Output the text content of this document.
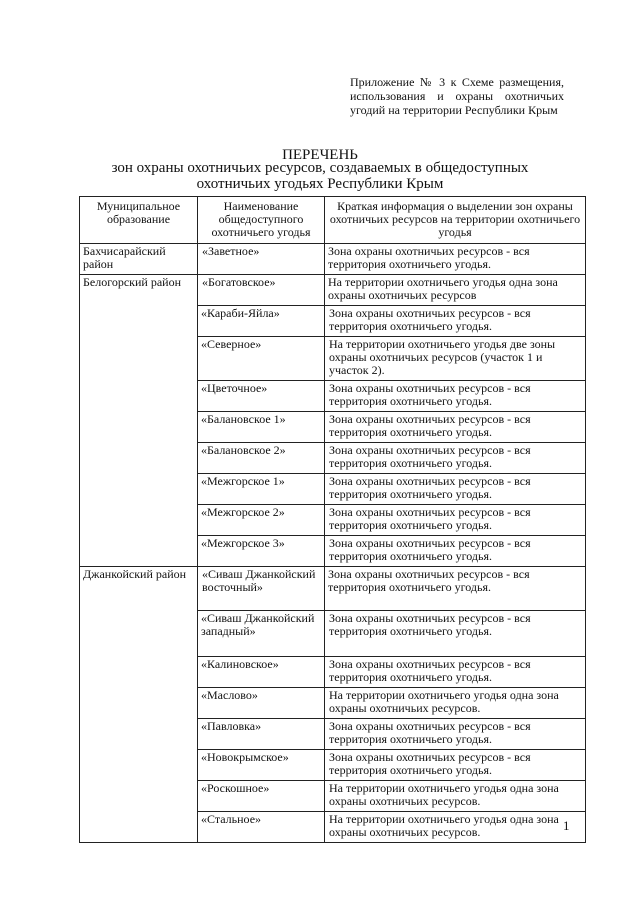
Приложение № 3 к Схеме размещения, использования и охраны охотничьих угодий на территории Республики Крым
ПЕРЕЧЕНЬ
зон охраны охотничьих ресурсов, создаваемых в общедоступных
охотничьих угодьях Республики Крым
Муниципальное образование	Наименование общедоступного охотничьего угодья	Краткая информация о выделении зон охраны охотничьих ресурсов на территории охотничьего угодья
Бахчисарайский район	«Заветное»	Зона охраны охотничьих ресурсов - вся территория охотничьего угодья.
Белогорский район	«Богатовское»	На территории охотничьего угодья одна зона охраны охотничьих ресурсов
	«Караби-Яйла»	Зона охраны охотничьих ресурсов - вся территория охотничьего угодья.
	«Северное»	На территории охотничьего угодья две зоны охраны охотничьих ресурсов (участок 1 и участок 2).
	«Цветочное»	Зона охраны охотничьих ресурсов - вся территория охотничьего угодья.
	«Балановское 1»	Зона охраны охотничьих ресурсов - вся территория охотничьего угодья.
	«Балановское 2»	Зона охраны охотничьих ресурсов - вся территория охотничьего угодья.
	«Межгорское 1»	Зона охраны охотничьих ресурсов - вся территория охотничьего угодья.
	«Межгорское 2»	Зона охраны охотничьих ресурсов - вся территория охотничьего угодья.
	«Межгорское 3»	Зона охраны охотничьих ресурсов - вся территория охотничьего угодья.
Джанкойский район	«Сиваш Джанкойский восточный»	Зона охраны охотничьих ресурсов - вся территория охотничьего угодья.
	«Сиваш Джанкойский западный»	Зона охраны охотничьих ресурсов - вся территория охотничьего угодья.
	«Калиновское»	Зона охраны охотничьих ресурсов - вся территория охотничьего угодья.
	«Маслово»	На территории охотничьего угодья одна зона охраны охотничьих ресурсов.
	«Павловка»	Зона охраны охотничьих ресурсов - вся территория охотничьего угодья.
	«Новокрымское»	Зона охраны охотничьих ресурсов - вся территория охотничьего угодья.
	«Роскошное»	На территории охотничьего угодья одна зона охраны охотничьих ресурсов.
	«Стальное»	На территории охотничьего угодья одна зона охраны охотничьих ресурсов.	1
